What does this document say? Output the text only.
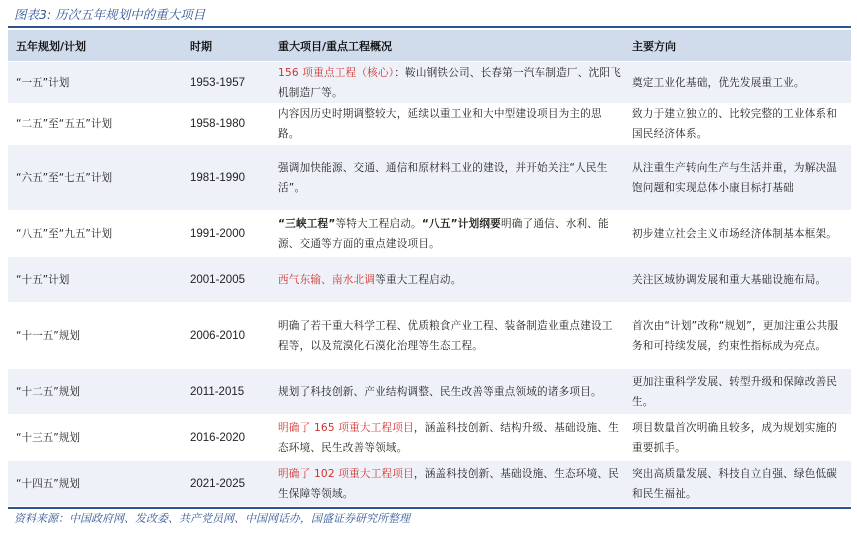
图表3: 历次五年规划中的重大项目
五年规划/计划	时期	重大项目/重点工程概况	主要方向
“一五”计划	1953-1957	156 项重点工程（核心）：鞍山钢铁公司、长春第一汽车制造厂、沈阳飞机制造厂等。	奠定工业化基础，优先发展重工业。
“二五”至“五五”计划	1958-1980	内容因历史时期调整较大，延续以重工业和大中型建设项目为主的思路。	致力于建立独立的、比较完整的工业体系和国民经济体系。
“六五”至“七五”计划	1981-1990	强调加快能源、交通、通信和原材料工业的建设，并开始关注“人民生活”。	从注重生产转向生产与生活并重，为解决温饱问题和实现总体小康目标打基础
“八五”至“九五”计划	1991-2000	“三峡工程”等特大工程启动。“八五”计划纲要明确了通信、水利、能源、交通等方面的重点建设项目。	初步建立社会主义市场经济体制基本框架。
“十五”计划	2001-2005	西气东输、南水北调等重大工程启动。	关注区域协调发展和重大基础设施布局。
“十一五”规划	2006-2010	明确了若干重大科学工程、优质粮食产业工程、装备制造业重点建设工程等，以及荒漠化石漠化治理等生态工程。	首次由“计划”改称“规划”，更加注重公共服务和可持续发展，约束性指标成为亮点。
“十二五”规划	2011-2015	规划了科技创新、产业结构调整、民生改善等重点领域的诸多项目。	更加注重科学发展、转型升级和保障改善民生。
“十三五”规划	2016-2020	明确了 165 项重大工程项目，涵盖科技创新、结构升级、基础设施、生态环境、民生改善等领域。	项目数量首次明确且较多，成为规划实施的重要抓手。
“十四五”规划	2021-2025	明确了 102 项重大工程项目，涵盖科技创新、基础设施、生态环境、民生保障等领域。	突出高质量发展、科技自立自强、绿色低碳和民生福祉。
资料来源：中国政府网、发改委、共产党员网、中国网话办，国盛证券研究所整理
